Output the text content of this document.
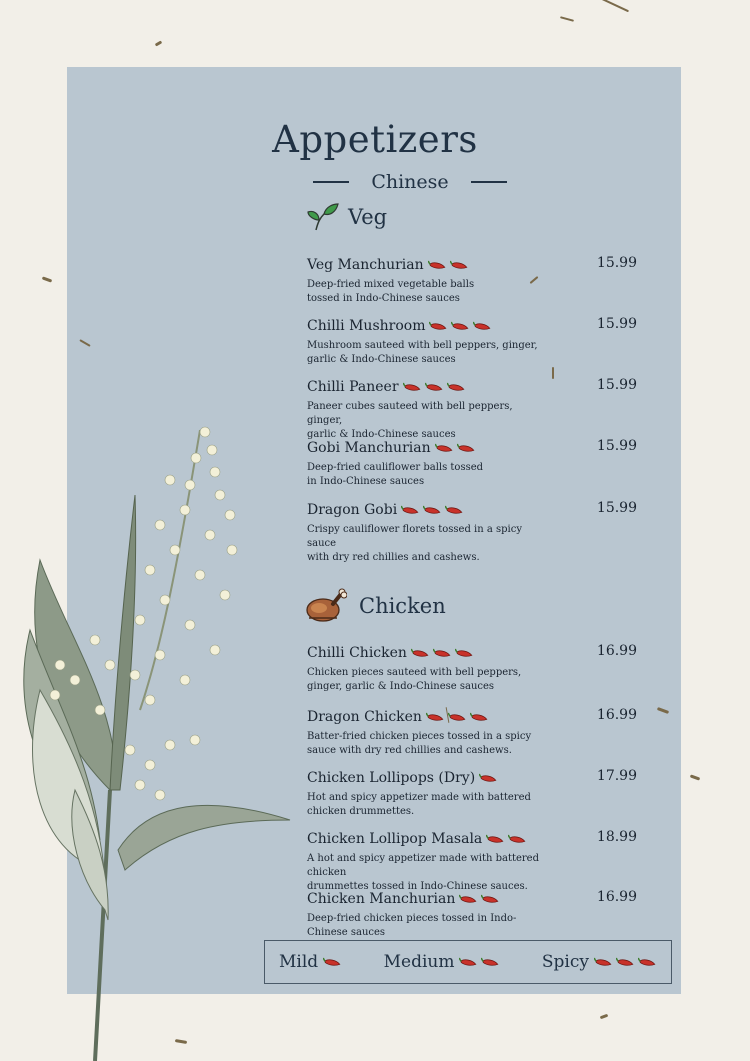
Appetizers
Chinese
Veg
Chicken
Veg Manchurian	15.99
Deep-fried mixed vegetable balls
tossed in Indo-Chinese sauces
Chilli Mushroom	15.99
Mushroom sauteed with bell peppers, ginger,
garlic & Indo-Chinese sauces
Chilli Paneer	15.99
Paneer cubes sauteed with bell peppers, ginger,
garlic & Indo-Chinese sauces
Gobi Manchurian	15.99
Deep-fried cauliflower balls tossed
in Indo-Chinese sauces
Dragon Gobi	15.99
Crispy cauliflower florets tossed in a spicy sauce
with dry red chillies and cashews.
Chilli Chicken	16.99
Chicken pieces sauteed with bell peppers,
ginger, garlic & Indo-Chinese sauces
Dragon Chicken	16.99
Batter-fried chicken pieces tossed in a spicy
sauce with dry red chillies and cashews.
Chicken Lollipops (Dry)	17.99
Hot and spicy appetizer made with battered
chicken drummettes.
Chicken Lollipop Masala	18.99
A hot and spicy appetizer made with battered chicken
drummettes tossed in Indo-Chinese sauces.
Chicken Manchurian	16.99
Deep-fried chicken pieces tossed in Indo-Chinese sauces
Mild	Medium	Spicy
